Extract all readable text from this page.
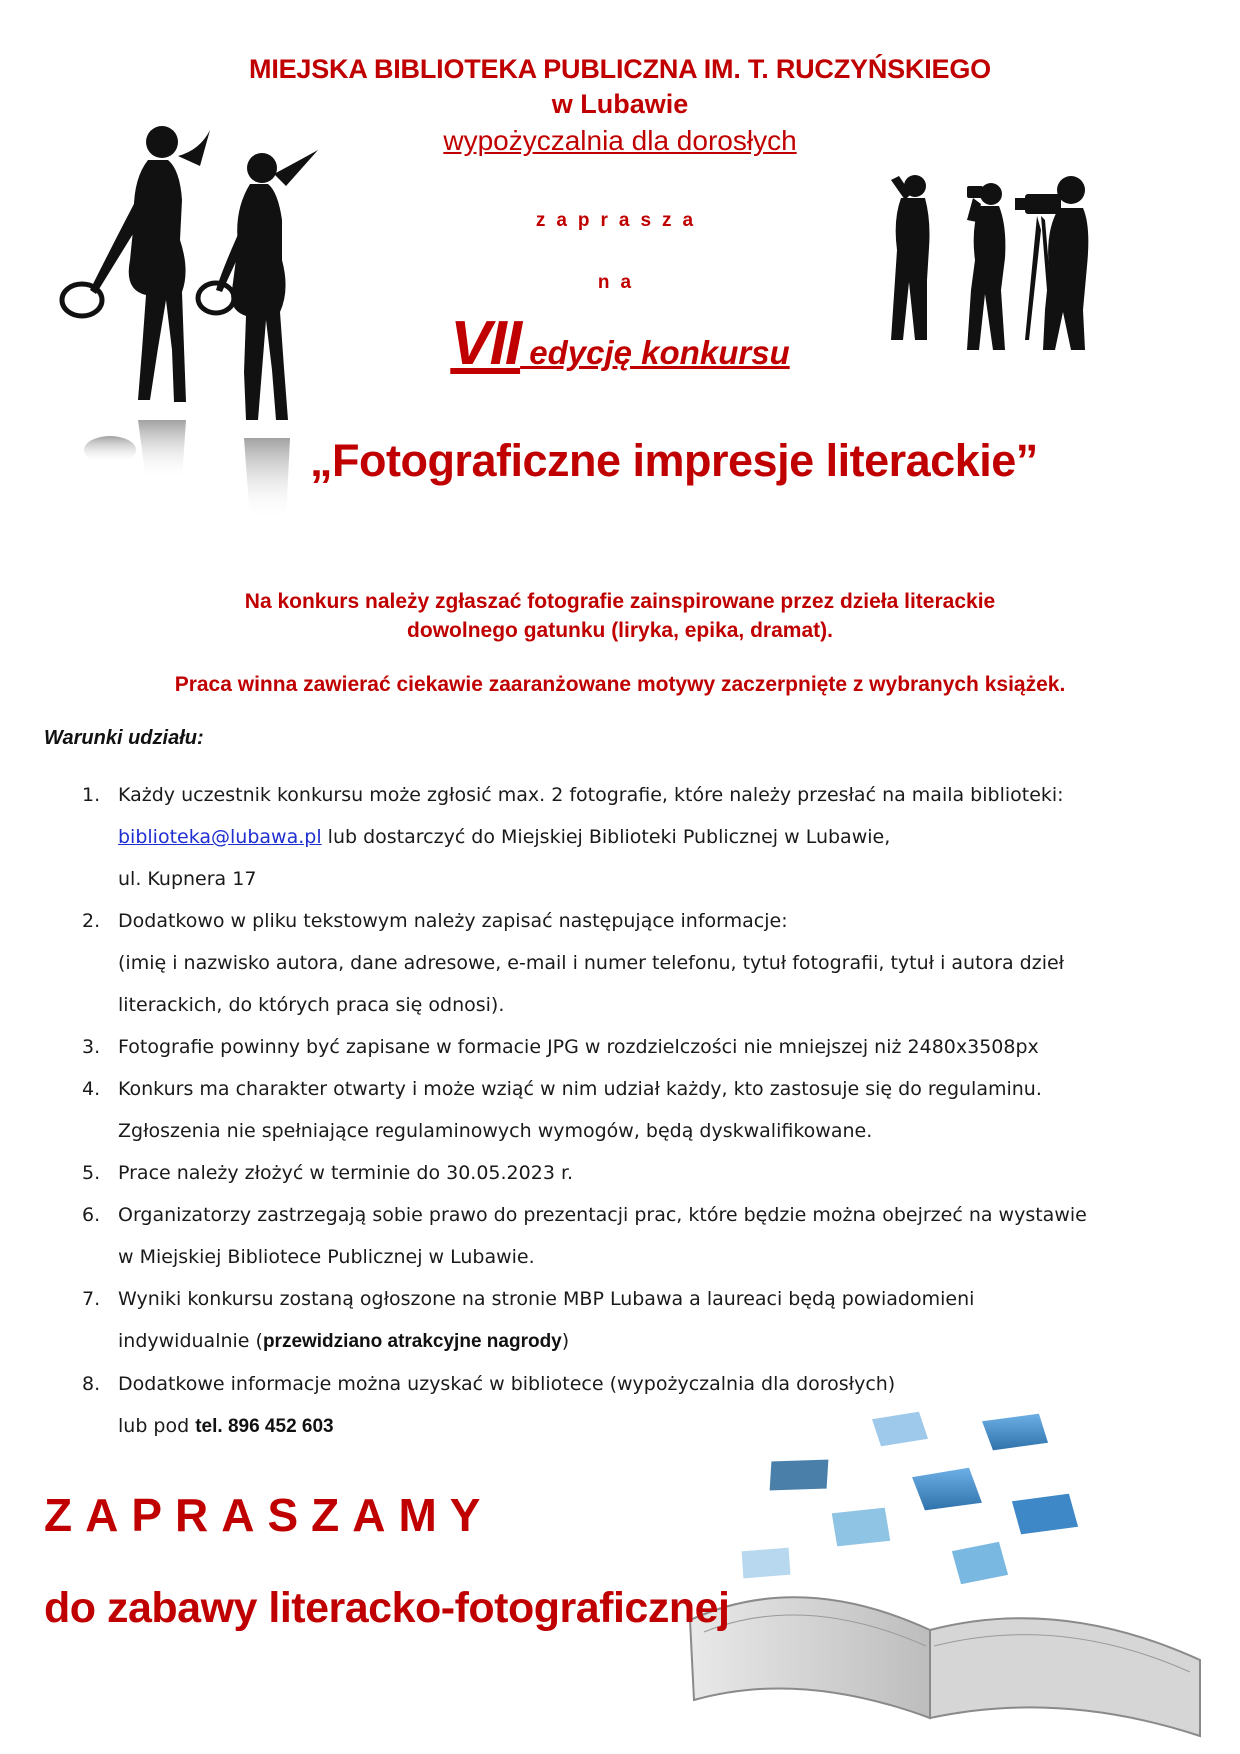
MIEJSKA BIBLIOTEKA PUBLICZNA IM. T. RUCZYŃSKIEGO
w Lubawie
wypożyczalnia dla dorosłych
zaprasza
na
VII edycję konkursu
„Fotograficzne impresje literackie”
Na konkurs należy zgłaszać fotografie zainspirowane przez dzieła literackie
dowolnego gatunku (liryka, epika, dramat).
Praca winna zawierać ciekawie zaaranżowane motywy zaczerpnięte z wybranych książek.
Warunki udziału:
1. Każdy uczestnik konkursu może zgłosić max. 2 fotografie, które należy przesłać na maila biblioteki:
biblioteka@lubawa.pl lub dostarczyć do Miejskiej Biblioteki Publicznej w Lubawie,
ul. Kupnera 17
2. Dodatkowo w pliku tekstowym należy zapisać następujące informacje:
(imię i nazwisko autora, dane adresowe, e-mail i numer telefonu, tytuł fotografii, tytuł i autora dzieł
literackich, do których praca się odnosi).
3. Fotografie powinny być zapisane w formacie JPG w rozdzielczości nie mniejszej niż 2480x3508px
4. Konkurs ma charakter otwarty i może wziąć w nim udział każdy, kto zastosuje się do regulaminu.
Zgłoszenia nie spełniające regulaminowych wymogów, będą dyskwalifikowane.
5. Prace należy złożyć w terminie do 30.05.2023 r.
6. Organizatorzy zastrzegają sobie prawo do prezentacji prac, które będzie można obejrzeć na wystawie
w Miejskiej Bibliotece Publicznej w Lubawie.
7. Wyniki konkursu zostaną ogłoszone na stronie MBP Lubawa a laureaci będą powiadomieni
indywidualnie (przewidziano atrakcyjne nagrody)
8. Dodatkowe informacje można uzyskać w bibliotece (wypożyczalnia dla dorosłych)
lub pod tel. 896 452 603
ZAPRASZAMY
do zabawy literacko-fotograficznej
